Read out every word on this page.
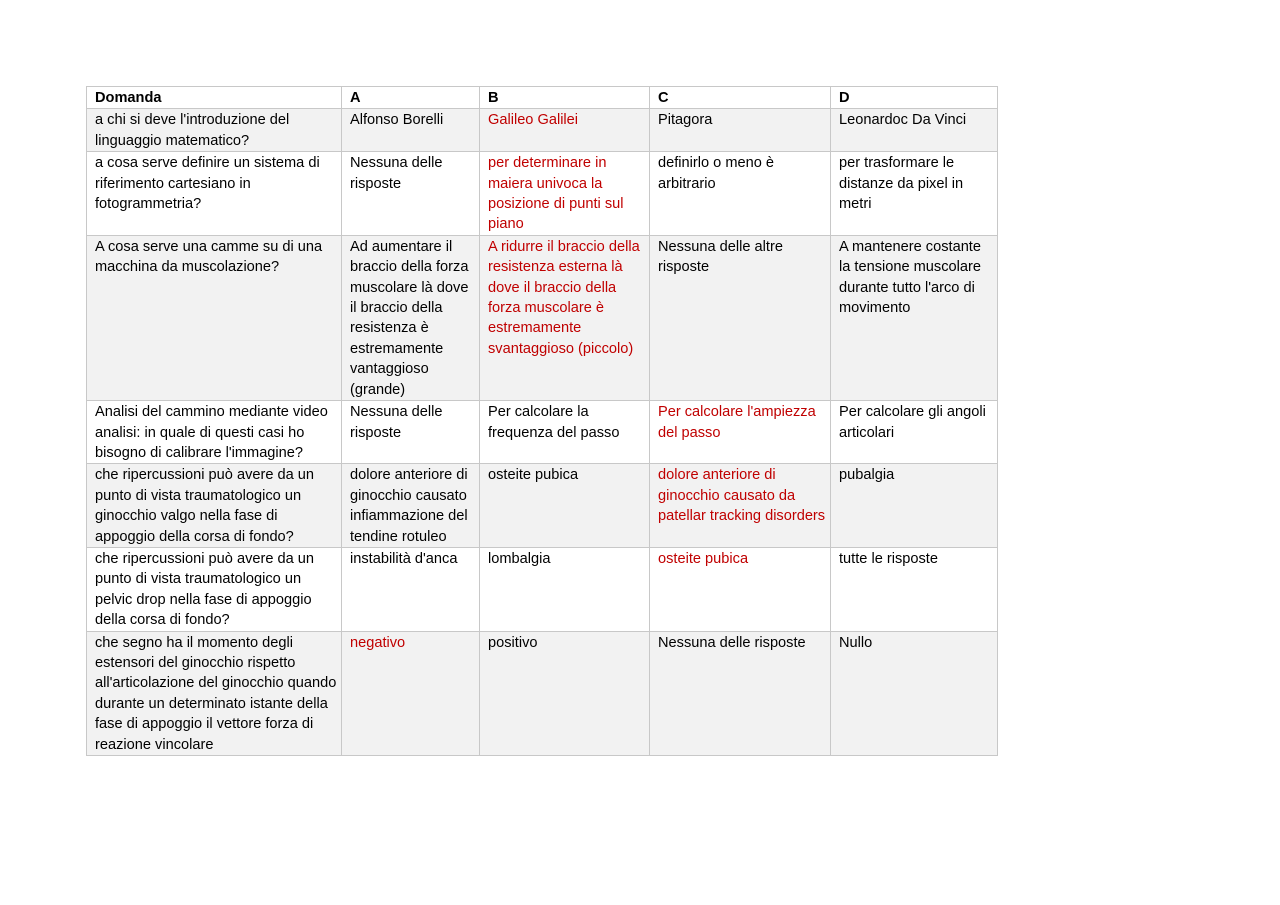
Domanda	A	B	C	D
a chi si deve l'introduzione del linguaggio matematico?	Alfonso Borelli	Galileo Galilei	Pitagora	Leonardoc Da Vinci
a cosa serve definire un sistema di riferimento cartesiano in fotogrammetria?	Nessuna delle risposte	per determinare in maiera univoca la posizione di punti sul piano	definirlo o meno è arbitrario	per trasformare le distanze da pixel in metri
A cosa serve una camme su di una macchina da muscolazione?	Ad aumentare il braccio della forza muscolare là dove il braccio della resistenza è estremamente vantaggioso (grande)	A ridurre il braccio della resistenza esterna là dove il braccio della forza muscolare è estremamente svantaggioso (piccolo)	Nessuna delle altre risposte	A mantenere costante la tensione muscolare durante tutto l'arco di movimento
Analisi del cammino mediante video analisi: in quale di questi casi ho bisogno di calibrare l'immagine?	Nessuna delle risposte	Per calcolare la frequenza del passo	Per calcolare l'ampiezza del passo	Per calcolare gli angoli articolari
che ripercussioni può avere da un punto di vista traumatologico un ginocchio valgo nella fase di appoggio della corsa di fondo?	dolore anteriore di ginocchio causato infiammazione del tendine rotuleo	osteite pubica	dolore anteriore di ginocchio causato da patellar tracking disorders	pubalgia
che ripercussioni può avere da un punto di vista traumatologico un pelvic drop nella fase di appoggio della corsa di fondo?	instabilità d'anca	lombalgia	osteite pubica	tutte le risposte
che segno ha il momento degli estensori del ginocchio rispetto all'articolazione del ginocchio quando durante un determinato istante della fase di appoggio il vettore forza di reazione vincolare	negativo	positivo	Nessuna delle risposte	Nullo
